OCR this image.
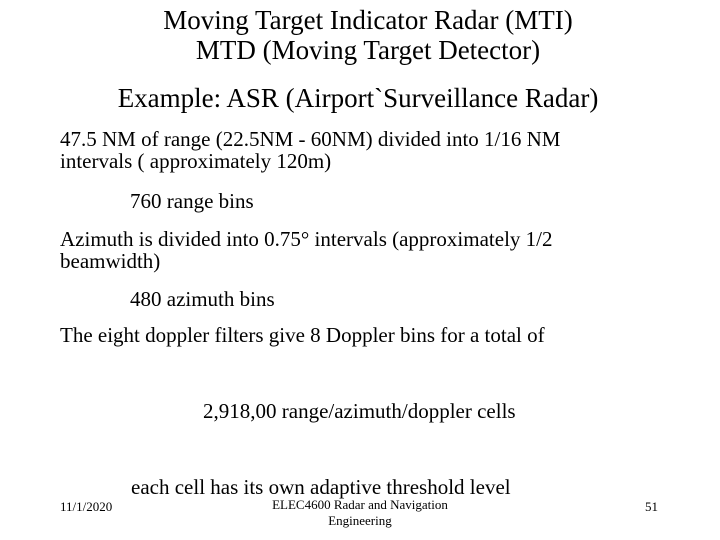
Moving Target Indicator Radar (MTI)
MTD (Moving Target Detector)
Example: ASR (Airport`Surveillance Radar)
47.5 NM of range (22.5NM - 60NM) divided into 1/16 NM
intervals ( approximately 120m)
760 range bins
Azimuth is divided into 0.75° intervals (approximately 1/2
beamwidth)
480 azimuth bins
The eight doppler filters give 8 Doppler bins for a total of
2,918,00 range/azimuth/doppler cells
each cell has its own adaptive threshold level
11/1/2020	ELEC4600 Radar and Navigation
Engineering
51
